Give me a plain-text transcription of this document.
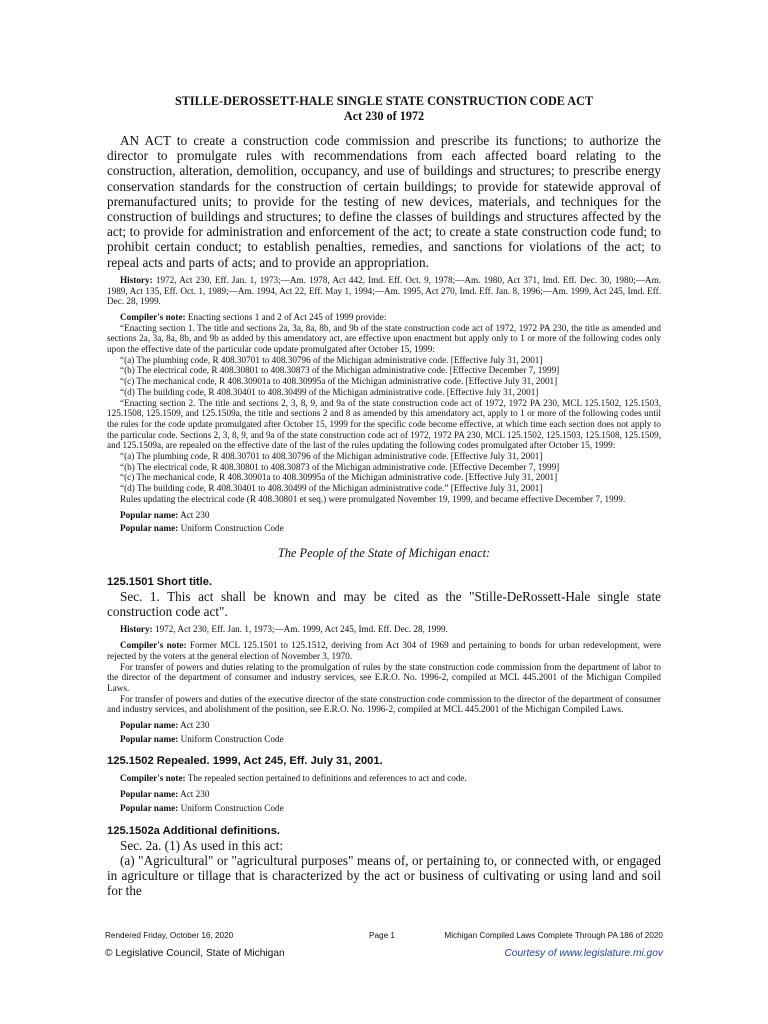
STILLE-DEROSSETT-HALE SINGLE STATE CONSTRUCTION CODE ACT

Act 230 of 1972

AN ACT to create a construction code commission and prescribe its functions; to authorize the director to promulgate rules with recommendations from each affected board relating to the construction, alteration, demolition, occupancy, and use of buildings and structures; to prescribe energy conservation standards for the construction of certain buildings; to provide for statewide approval of premanufactured units; to provide for the testing of new devices, materials, and techniques for the construction of buildings and structures; to define the classes of buildings and structures affected by the act; to provide for administration and enforcement of the act; to create a state construction code fund; to prohibit certain conduct; to establish penalties, remedies, and sanctions for violations of the act; to repeal acts and parts of acts; and to provide an appropriation.

History: 1972, Act 230, Eff. Jan. 1, 1973;—Am. 1978, Act 442, Imd. Eff. Oct. 9, 1978;—Am. 1980, Act 371, Imd. Eff. Dec. 30, 1980;—Am. 1989, Act 135, Eff. Oct. 1, 1989;—Am. 1994, Act 22, Eff. May 1, 1994;—Am. 1995, Act 270, Imd. Eff. Jan. 8, 1996;—Am. 1999, Act 245, Imd. Eff. Dec. 28, 1999.

Compiler's note: Enacting sections 1 and 2 of Act 245 of 1999 provide:

“Enacting section 1. The title and sections 2a, 3a, 8a, 8b, and 9b of the state construction code act of 1972, 1972 PA 230, the title as amended and sections 2a, 3a, 8a, 8b, and 9b as added by this amendatory act, are effective upon enactment but apply only to 1 or more of the following codes only upon the effective date of the particular code update promulgated after October 15, 1999:

“(a) The plumbing code, R 408.30701 to 408.30796 of the Michigan administrative code. [Effective July 31, 2001]

“(b) The electrical code, R 408.30801 to 408.30873 of the Michigan administrative code. [Effective December 7, 1999]

“(c) The mechanical code, R 408.30901a to 408.30995a of the Michigan administrative code. [Effective July 31, 2001]

“(d) The building code, R 408.30401 to 408.30499 of the Michigan administrative code. [Effective July 31, 2001]

“Enacting section 2. The title and sections 2, 3, 8, 9, and 9a of the state construction code act of 1972, 1972 PA 230, MCL 125.1502, 125.1503, 125.1508, 125.1509, and 125.1509a, the title and sections 2 and 8 as amended by this amendatory act, apply to 1 or more of the following codes until the rules for the code update promulgated after October 15, 1999 for the specific code become effective, at which time each section does not apply to the particular code. Sections 2, 3, 8, 9, and 9a of the state construction code act of 1972, 1972 PA 230, MCL 125.1502, 125.1503, 125.1508, 125.1509, and 125.1509a, are repealed on the effective date of the last of the rules updating the following codes promulgated after October 15, 1999:

“(a) The plumbing code, R 408.30701 to 408.30796 of the Michigan administrative code. [Effective July 31, 2001]

“(b) The electrical code, R 408.30801 to 408.30873 of the Michigan administrative code. [Effective December 7, 1999]

“(c) The mechanical code, R 408.30901a to 408.30995a of the Michigan administrative code. [Effective July 31, 2001]

“(d) The building code, R 408.30401 to 408.30499 of the Michigan administrative code.” [Effective July 31, 2001]

Rules updating the electrical code (R 408.30801 et seq.) were promulgated November 19, 1999, and became effective December 7, 1999.

Popular name: Act 230

Popular name: Uniform Construction Code

The People of the State of Michigan enact:

125.1501 Short title.

Sec. 1. This act shall be known and may be cited as the "Stille-DeRossett-Hale single state construction code act".

History: 1972, Act 230, Eff. Jan. 1, 1973;—Am. 1999, Act 245, Imd. Eff. Dec. 28, 1999.

Compiler's note: Former MCL 125.1501 to 125.1512, deriving from Act 304 of 1969 and pertaining to bonds for urban redevelopment, were rejected by the voters at the general election of November 3, 1970.

For transfer of powers and duties relating to the promulgation of rules by the state construction code commission from the department of labor to the director of the department of consumer and industry services, see E.R.O. No. 1996-2, compiled at MCL 445.2001 of the Michigan Compiled Laws.

For transfer of powers and duties of the executive director of the state construction code commission to the director of the department of consumer and industry services, and abolishment of the position, see E.R.O. No. 1996-2, compiled at MCL 445.2001 of the Michigan Compiled Laws.

Popular name: Act 230

Popular name: Uniform Construction Code

125.1502 Repealed. 1999, Act 245, Eff. July 31, 2001.

Compiler's note: The repealed section pertained to definitions and references to act and code.

Popular name: Act 230

Popular name: Uniform Construction Code

125.1502a Additional definitions.

Sec. 2a. (1) As used in this act:

(a) "Agricultural" or "agricultural purposes" means of, or pertaining to, or connected with, or engaged in agriculture or tillage that is characterized by the act or business of cultivating or using land and soil for the

Rendered Friday, October 16, 2020	Page 1	Michigan Compiled Laws Complete Through PA 186 of 2020
© Legislative Council, State of Michigan	Courtesy of www.legislature.mi.gov
